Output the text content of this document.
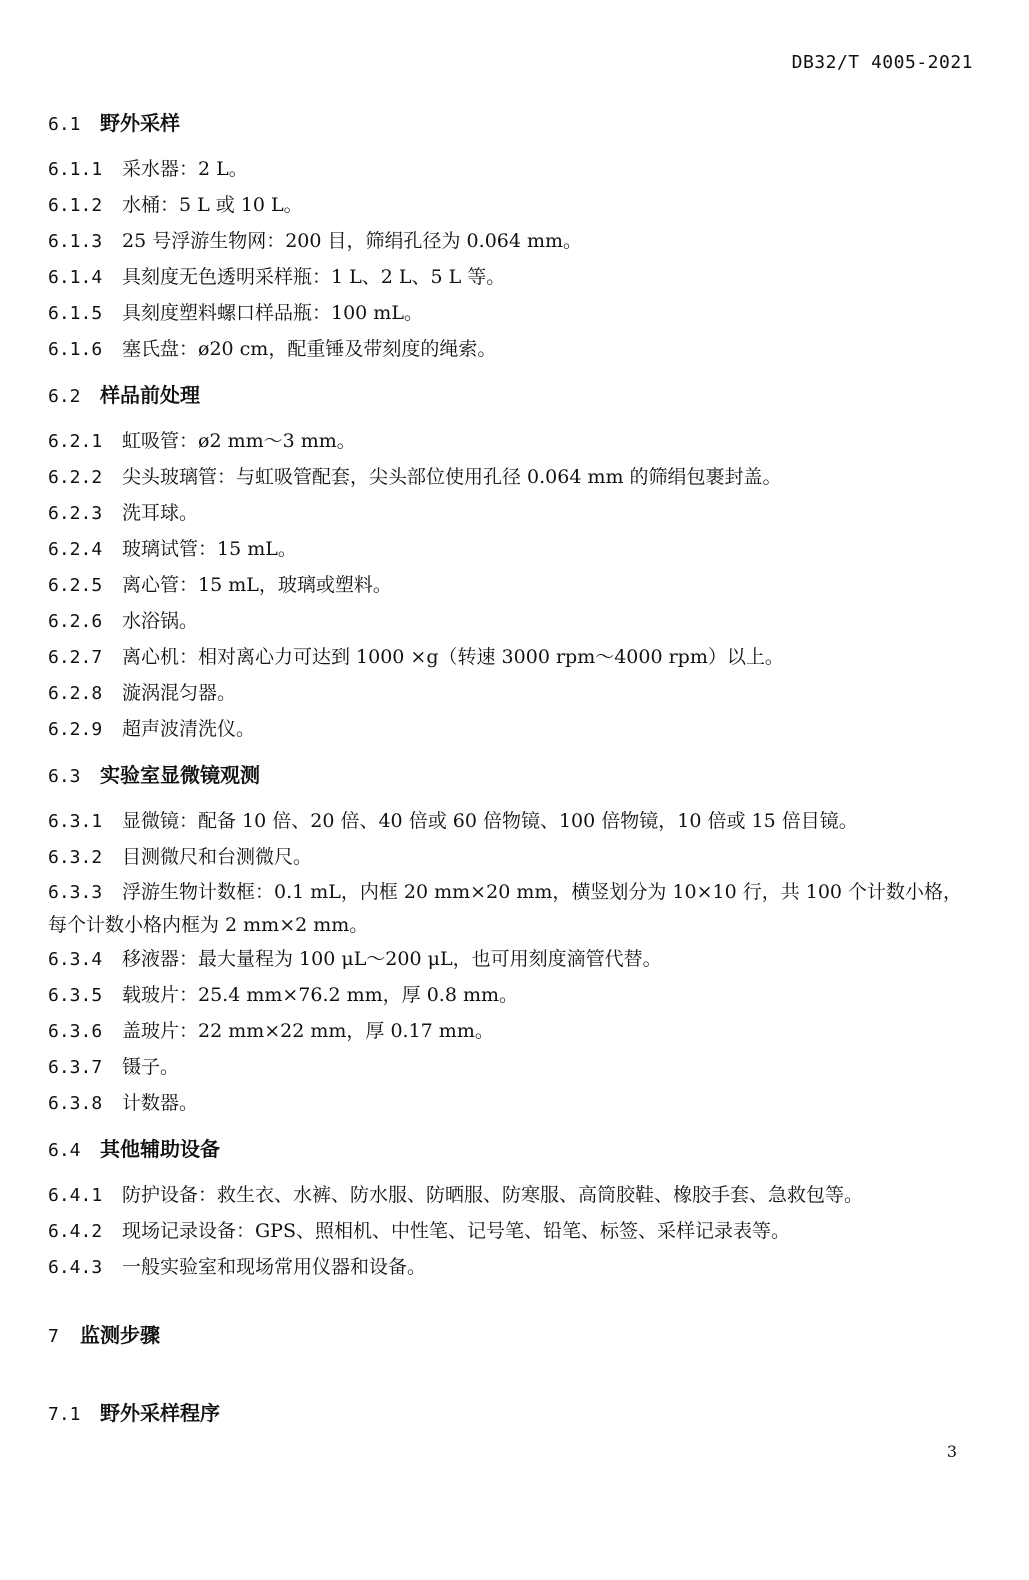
DB32/T 4005-2021
6.1 野外采样
6.1.1 采水器：2 L。
6.1.2 水桶：5 L 或 10 L。
6.1.3 25 号浮游生物网：200 目，筛绢孔径为 0.064 mm。
6.1.4 具刻度无色透明采样瓶：1 L、2 L、5 L 等。
6.1.5 具刻度塑料螺口样品瓶：100 mL。
6.1.6 塞氏盘：ø20 cm，配重锤及带刻度的绳索。
6.2 样品前处理
6.2.1 虹吸管：ø2 mm～3 mm。
6.2.2 尖头玻璃管：与虹吸管配套，尖头部位使用孔径 0.064 mm 的筛绢包裹封盖。
6.2.3 洗耳球。
6.2.4 玻璃试管：15 mL。
6.2.5 离心管：15 mL，玻璃或塑料。
6.2.6 水浴锅。
6.2.7 离心机：相对离心力可达到 1000 ×g（转速 3000 rpm～4000 rpm）以上。
6.2.8 漩涡混匀器。
6.2.9 超声波清洗仪。
6.3 实验室显微镜观测
6.3.1 显微镜：配备 10 倍、20 倍、40 倍或 60 倍物镜、100 倍物镜，10 倍或 15 倍目镜。
6.3.2 目测微尺和台测微尺。
6.3.3 浮游生物计数框：0.1 mL，内框 20 mm×20 mm，横竖划分为 10×10 行，共 100 个计数小格，每个计数小格内框为 2 mm×2 mm。
6.3.4 移液器：最大量程为 100 μL～200 μL，也可用刻度滴管代替。
6.3.5 载玻片：25.4 mm×76.2 mm，厚 0.8 mm。
6.3.6 盖玻片：22 mm×22 mm，厚 0.17 mm。
6.3.7 镊子。
6.3.8 计数器。
6.4 其他辅助设备
6.4.1 防护设备：救生衣、水裤、防水服、防晒服、防寒服、高筒胶鞋、橡胶手套、急救包等。
6.4.2 现场记录设备：GPS、照相机、中性笔、记号笔、铅笔、标签、采样记录表等。
6.4.3 一般实验室和现场常用仪器和设备。
7 监测步骤
7.1 野外采样程序
3
